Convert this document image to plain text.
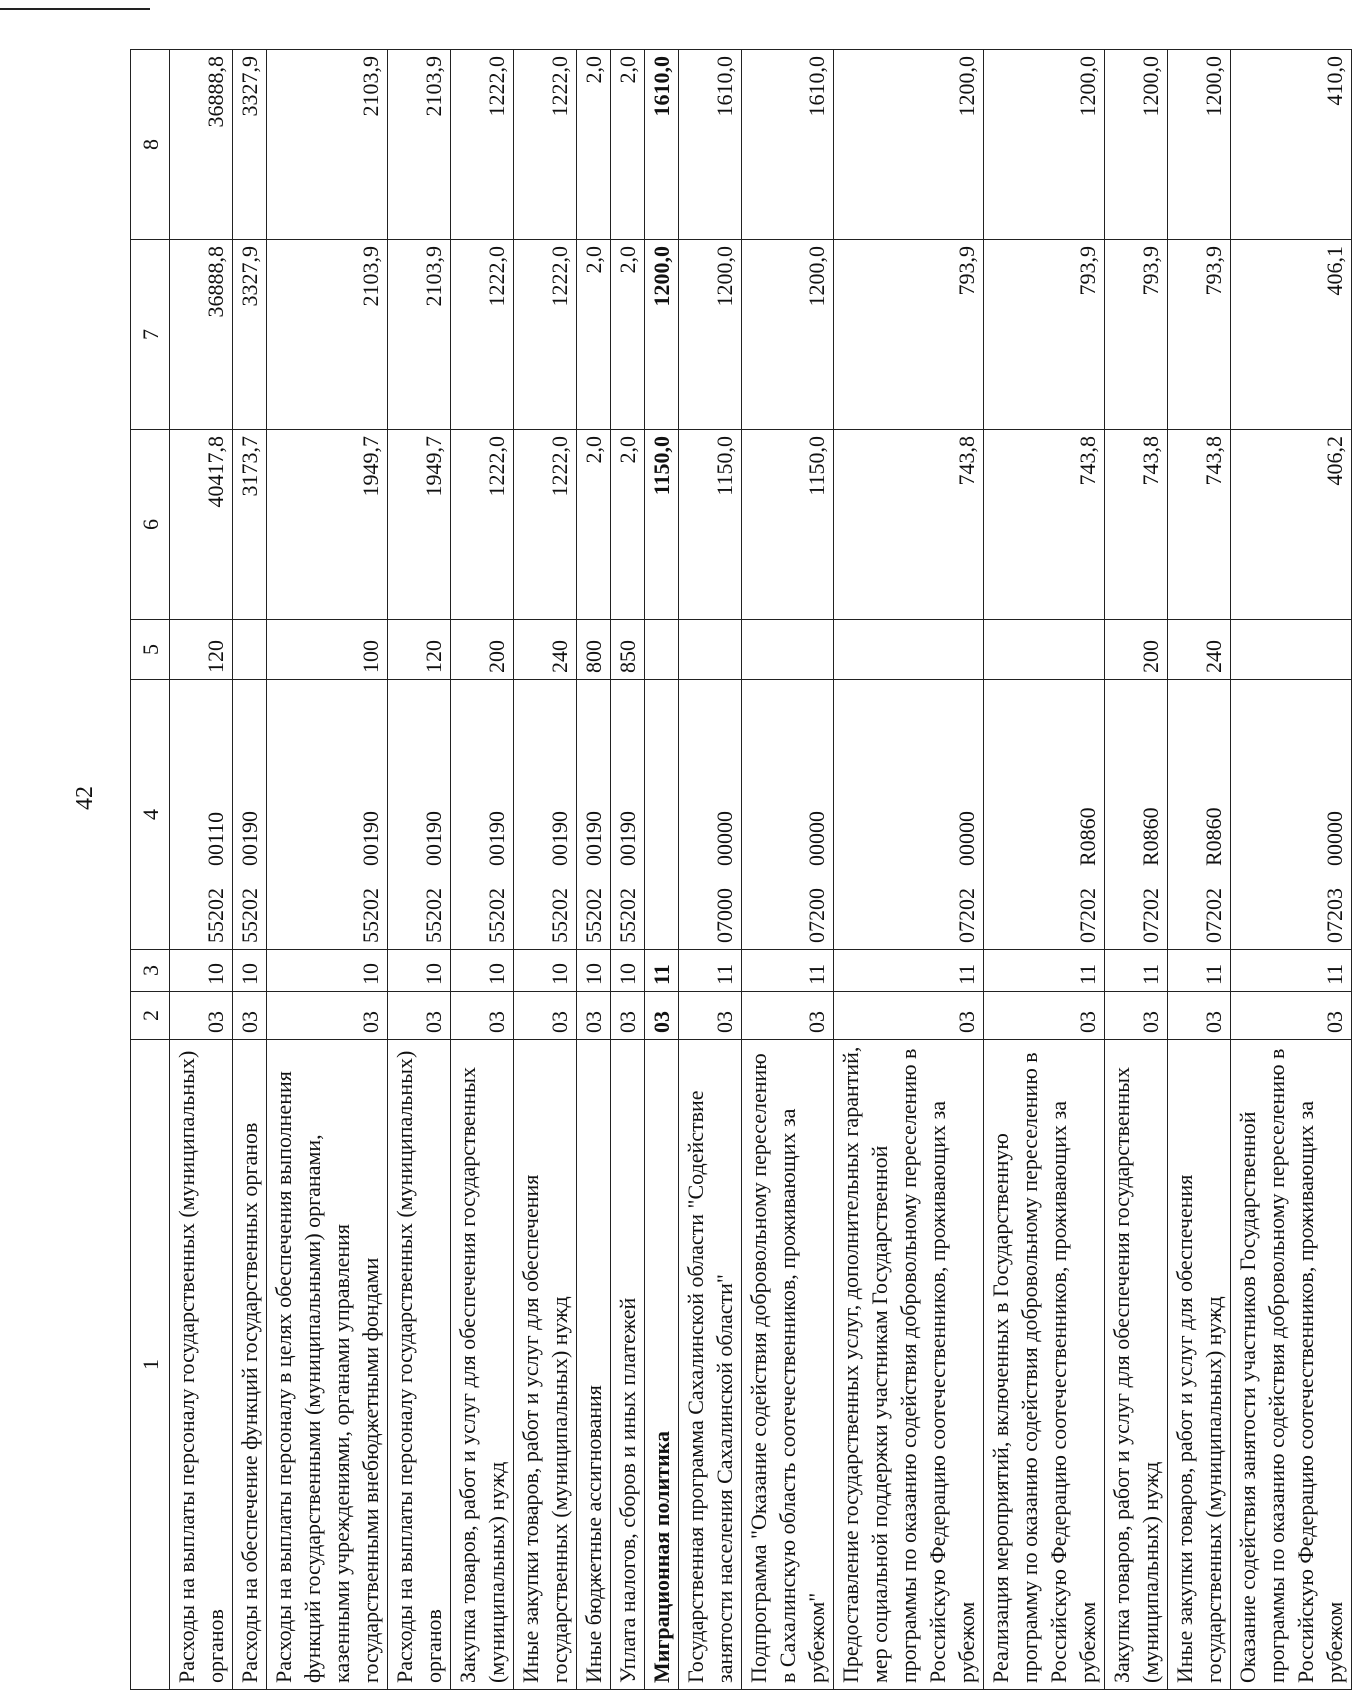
42
1	2	3	4	5	6	7	8
Расходы на выплаты персоналу государственных (муниципальных) органов	03	10	55202    00110	120	40417,8	36888,8	36888,8
Расходы на обеспечение функций государственных органов	03	10	55202    00190		3173,7	3327,9	3327,9
Расходы на выплаты персоналу в целях обеспечения выполнения функций государственными (муниципальными) органами, казенными учреждениями, органами управления государственными внебюджетными фондами	03	10	55202    00190	100	1949,7	2103,9	2103,9
Расходы на выплаты персоналу государственных (муниципальных) органов	03	10	55202    00190	120	1949,7	2103,9	2103,9
Закупка товаров, работ и услуг для обеспечения государственных (муниципальных) нужд	03	10	55202    00190	200	1222,0	1222,0	1222,0
Иные закупки товаров, работ и услуг для обеспечения государственных (муниципальных) нужд	03	10	55202    00190	240	1222,0	1222,0	1222,0
Иные бюджетные ассигнования	03	10	55202    00190	800	2,0	2,0	2,0
Уплата налогов, сборов и иных платежей	03	10	55202    00190	850	2,0	2,0	2,0
Миграционная политика	03	11			1150,0	1200,0	1610,0
Государственная программа Сахалинской области "Содействие занятости населения Сахалинской области"	03	11	07000    00000		1150,0	1200,0	1610,0
Подпрограмма "Оказание содействия добровольному переселению в Сахалинскую область соотечественников, проживающих за рубежом"	03	11	07200    00000		1150,0	1200,0	1610,0
Предоставление государственных услуг, дополнительных гарантий, мер социальной поддержки участникам Государственной программы по оказанию содействия добровольному переселению в Российскую Федерацию соотечественников, проживающих за рубежом	03	11	07202    00000		743,8	793,9	1200,0
Реализация мероприятий, включенных в Государственную программу по оказанию содействия добровольному переселению в Российскую Федерацию соотечественников, проживающих за рубежом	03	11	07202    R0860		743,8	793,9	1200,0
Закупка товаров, работ и услуг для обеспечения государственных (муниципальных) нужд	03	11	07202    R0860	200	743,8	793,9	1200,0
Иные закупки товаров, работ и услуг для обеспечения государственных (муниципальных) нужд	03	11	07202    R0860	240	743,8	793,9	1200,0
Оказание содействия занятости участников Государственной программы по оказанию содействия добровольному переселению в Российскую Федерацию соотечественников, проживающих за рубежом	03	11	07203    00000		406,2	406,1	410,0
